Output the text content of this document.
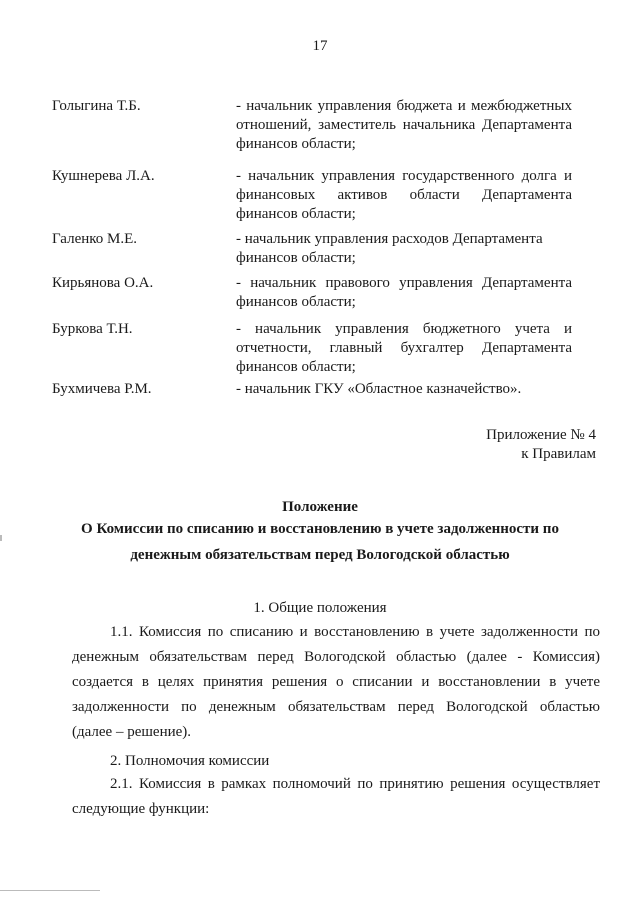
17
Голыгина Т.Б.	- начальник управления бюджета и межбюджетных
отношений, заместитель начальника Департамента
финансов области;
Кушнерева Л.А.	- начальник управления государственного долга и
финансовых активов области Департамента
финансов области;
Галенко М.Е.	- начальник управления расходов Департамента
финансов области;
Кирьянова О.А.	- начальник правового управления Департамента
финансов области;
Буркова Т.Н.	- начальник управления бюджетного учета и
отчетности, главный бухгалтер Департамента
финансов области;
Бухмичева Р.М.	- начальник ГКУ «Областное казначейство».
Приложение № 4
к Правилам
Положение
О Комиссии по списанию и восстановлению в учете задолженности по
денежным обязательствам перед Вологодской областью
1. Общие положения
1.1. Комиссия по списанию и восстановлению в учете задолженности по
денежным обязательствам перед Вологодской областью (далее - Комиссия)
создается в целях принятия решения о списании и восстановлении в учете
задолженности по денежным обязательствам перед Вологодской областью
(далее – решение).
2. Полномочия комиссии
2.1. Комиссия в рамках полномочий по принятию решения осуществляет
следующие функции:
